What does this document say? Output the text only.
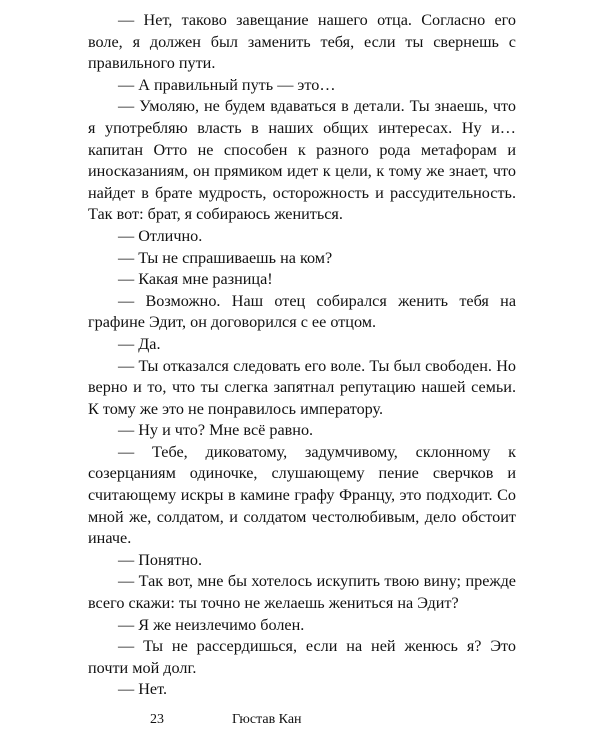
— Нет, таково завещание нашего отца. Согласно его воле, я должен был заменить тебя, если ты свернешь с правильного пути.

— А правильный путь — это…

— Умоляю, не будем вдаваться в детали. Ты знаешь, что я употребляю власть в наших общих интересах. Ну и… капитан Отто не способен к разного рода метафорам и иносказаниям, он прямиком идет к цели, к тому же знает, что найдет в брате мудрость, осторожность и рассудительность. Так вот: брат, я собираюсь жениться.

— Отлично.

— Ты не спрашиваешь на ком?

— Какая мне разница!

— Возможно. Наш отец собирался женить тебя на графине Эдит, он договорился с ее отцом.

— Да.

— Ты отказался следовать его воле. Ты был свободен. Но верно и то, что ты слегка запятнал репутацию нашей семьи. К тому же это не понравилось императору.

— Ну и что? Мне всё равно.

— Тебе, диковатому, задумчивому, склонному к созерцаниям одиночке, слушающему пение сверчков и считающему искры в камине графу Францу, это подходит. Со мной же, солдатом, и солдатом честолюбивым, дело обстоит иначе.

— Понятно.

— Так вот, мне бы хотелось искупить твою вину; прежде всего скажи: ты точно не желаешь жениться на Эдит?

— Я же неизлечимо болен.

— Ты не рассердишься, если на ней женюсь я? Это почти мой долг.

— Нет.

23	Гюстав Кан
